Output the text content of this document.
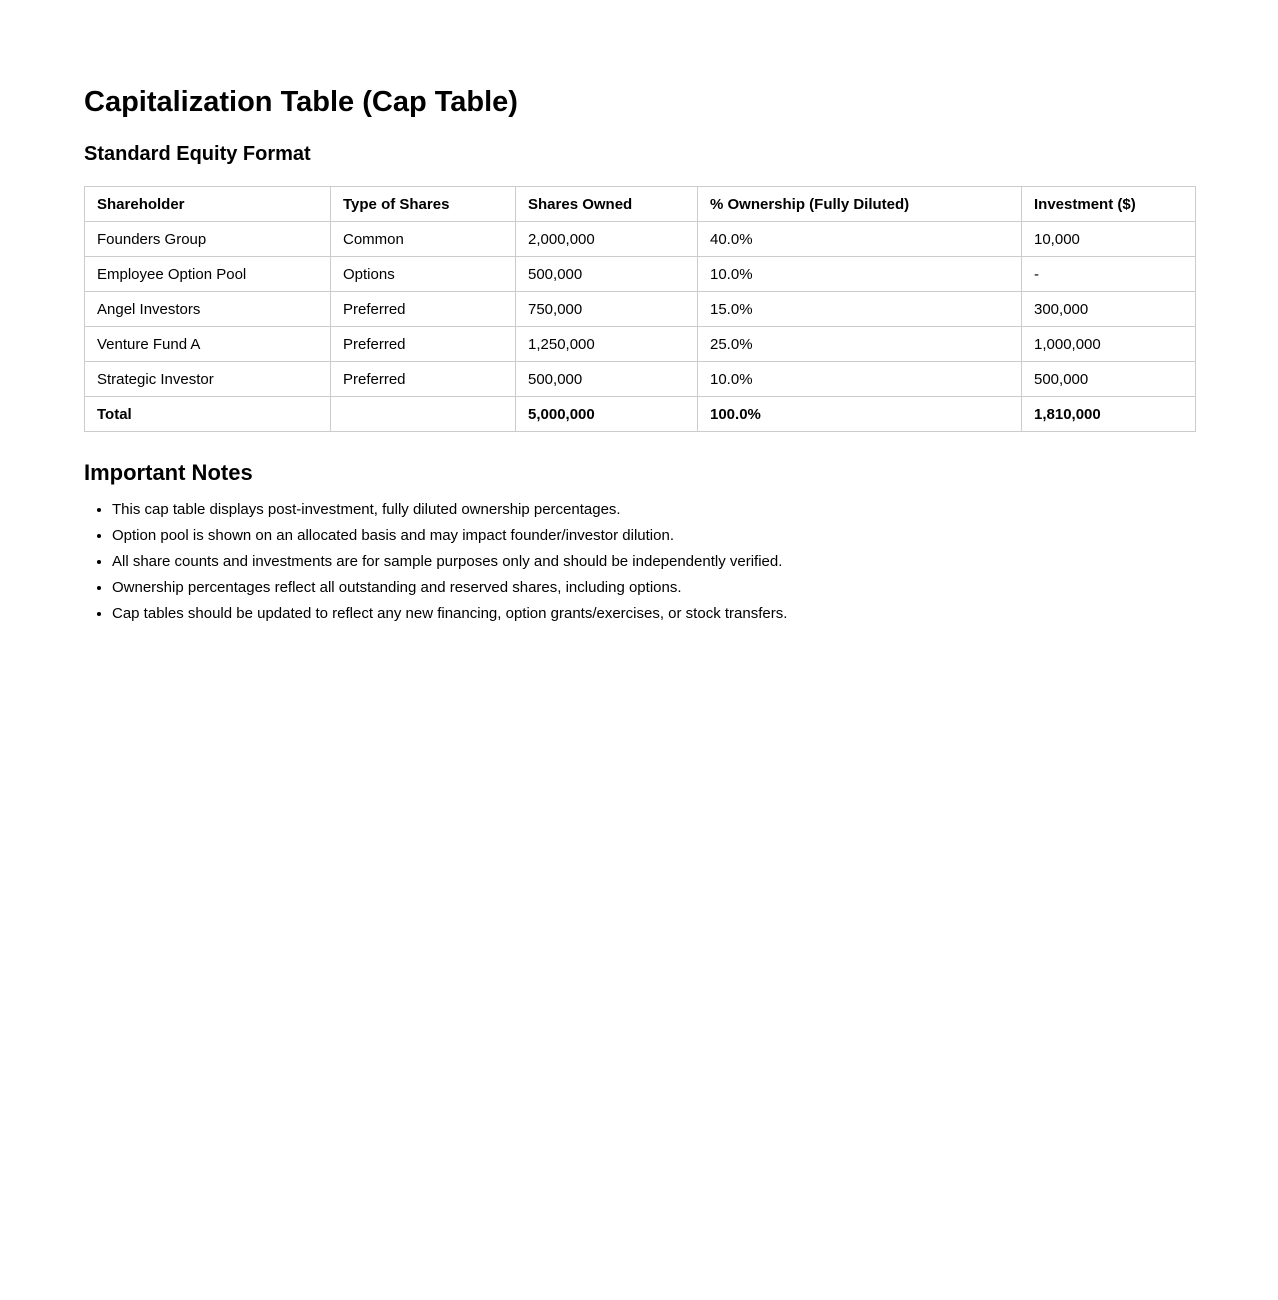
Capitalization Table (Cap Table)
Standard Equity Format
Shareholder	Type of Shares	Shares Owned	% Ownership (Fully Diluted)	Investment ($)
Founders Group	Common	2,000,000	40.0%	10,000
Employee Option Pool	Options	500,000	10.0%	-
Angel Investors	Preferred	750,000	15.0%	300,000
Venture Fund A	Preferred	1,250,000	25.0%	1,000,000
Strategic Investor	Preferred	500,000	10.0%	500,000
Total		5,000,000	100.0%	1,810,000
Important Notes
• This cap table displays post-investment, fully diluted ownership percentages.
• Option pool is shown on an allocated basis and may impact founder/investor dilution.
• All share counts and investments are for sample purposes only and should be independently verified.
• Ownership percentages reflect all outstanding and reserved shares, including options.
• Cap tables should be updated to reflect any new financing, option grants/exercises, or stock transfers.
